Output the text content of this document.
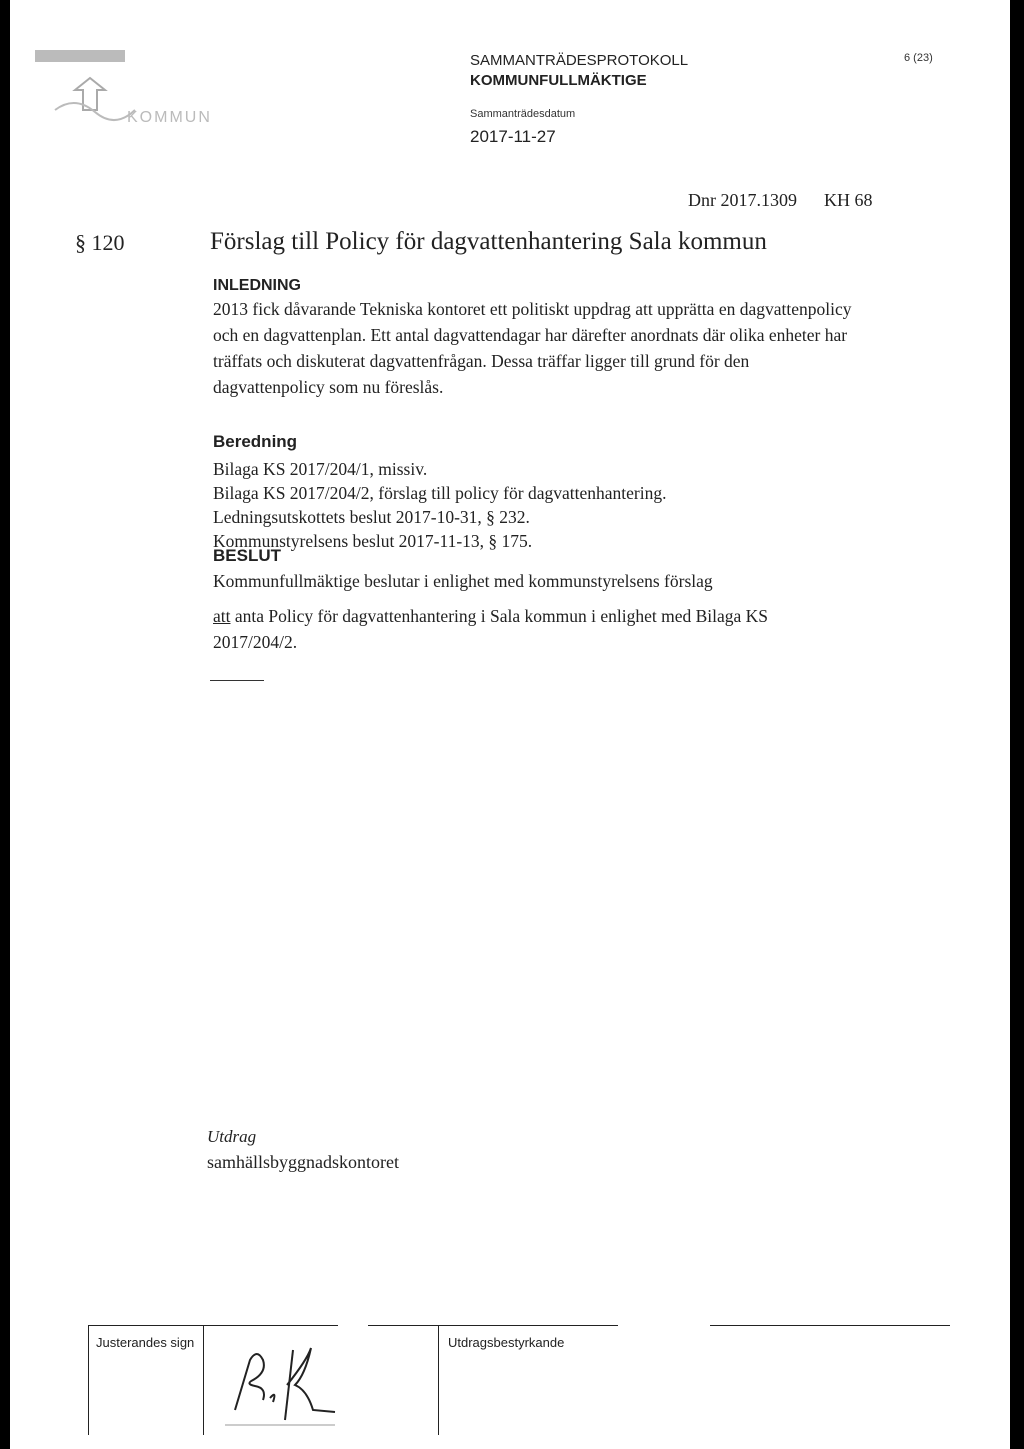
KOMMUN
SAMMANTRÄDESPROTOKOLL
KOMMUNFULLMÄKTIGE
Sammanträdesdatum
2017-11-27
6 (23)
Dnr 2017.1309 KH 68
§ 120	Förslag till Policy för dagvattenhantering Sala kommun
INLEDNING

2013 fick dåvarande Tekniska kontoret ett politiskt uppdrag att upprätta en dagvattenpolicy och en dagvattenplan. Ett antal dagvattendagar har därefter anordnats där olika enheter har träffats och diskuterat dagvattenfrågan. Dessa träffar ligger till grund för den dagvattenpolicy som nu föreslås.

Beredning
Bilaga KS 2017/204/1, missiv.
Bilaga KS 2017/204/2, förslag till policy för dagvattenhantering.
Ledningsutskottets beslut 2017-10-31, § 232.
Kommunstyrelsens beslut 2017-11-13, § 175.
BESLUT
Kommunfullmäktige beslutar i enlighet med kommunstyrelsens förslag
att anta Policy för dagvattenhantering i Sala kommun i enlighet med Bilaga KS 2017/204/2.
Utdrag
samhällsbyggnadskontoret
Justerandes sign	Utdragsbestyrkande
